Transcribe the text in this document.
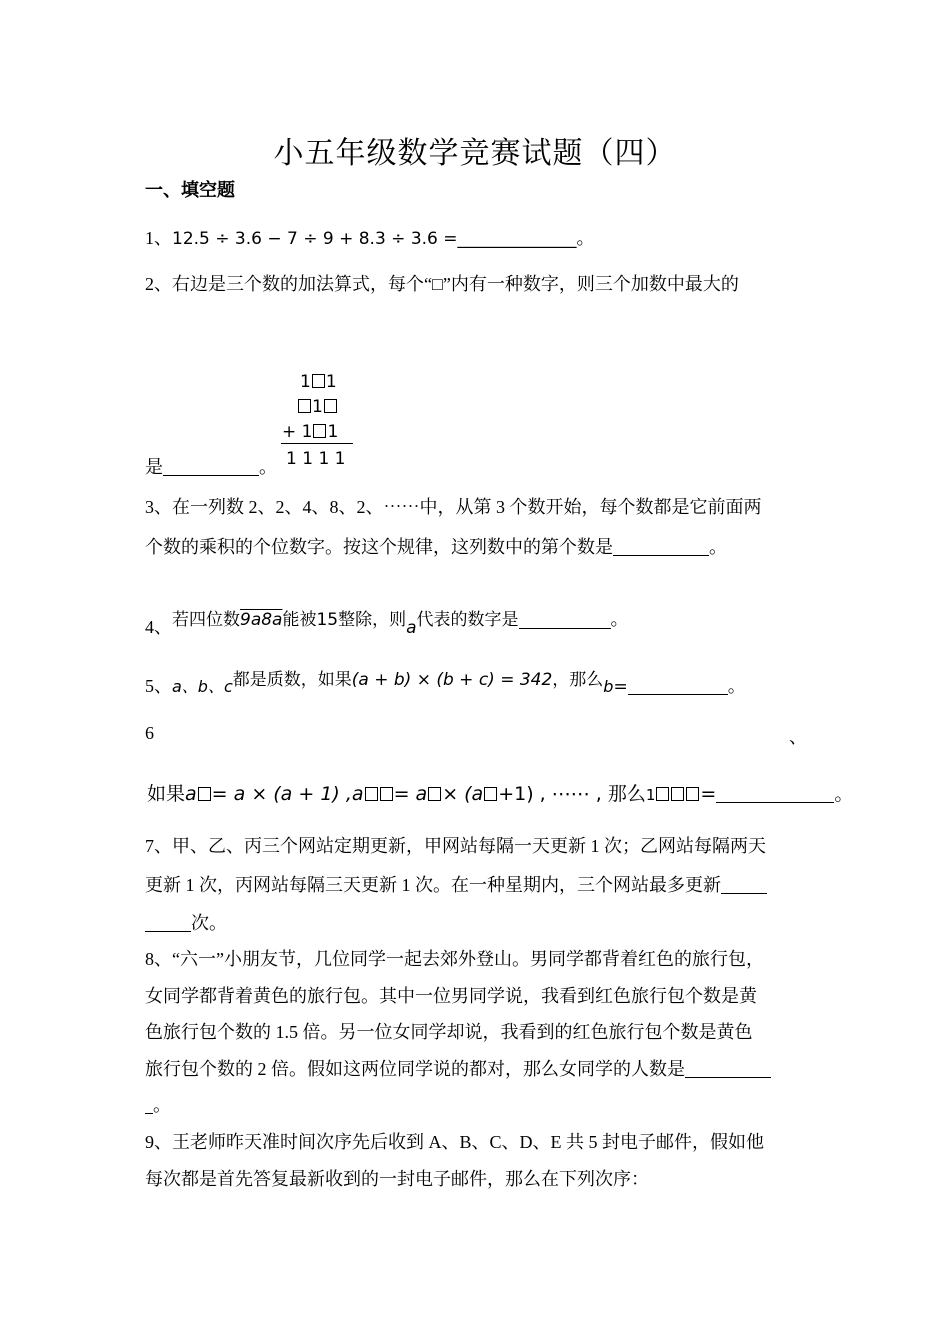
小五年级数学竞赛试题（四）
一、填空题
1、12.5 ÷ 3.6 − 7 ÷ 9 + 8.3 ÷ 3.6 =______________。
2、右边是三个数的加法算式，每个“□”内有一种数字，则三个加数中最大的
1 1
1
+ 1 1
1 1 1 1
是	。
3、在一列数 2、2、4、8、2、⋯⋯中，从第 3 个数开始，每个数都是它前面两
个数的乘积的个位数字。按这个规律，这列数中的第个数是	。
4、若四位数9a8a能被15整除，则a代表的数字是	。
5、a、b、c都是质数，如果(a + b) × (b + c) = 342，那么b=	。
6	、
如果a = a × (a + 1) ,a = a × (a +1) , ⋯⋯ , 那么1 =	。
7、甲、乙、丙三个网站定期更新，甲网站每隔一天更新 1 次；乙网站每隔两天
更新 1 次，丙网站每隔三天更新 1 次。在一种星期内，三个网站最多更新
次。
8、“六一”小朋友节，几位同学一起去郊外登山。男同学都背着红色的旅行包，
女同学都背着黄色的旅行包。其中一位男同学说，我看到红色旅行包个数是黄
色旅行包个数的 1.5 倍。另一位女同学却说，我看到的红色旅行包个数是黄色
旅行包个数的 2 倍。假如这两位同学说的都对，那么女同学的人数是
。
9、王老师昨天准时间次序先后收到 A、B、C、D、E 共 5 封电子邮件，假如他
每次都是首先答复最新收到的一封电子邮件，那么在下列次序：
